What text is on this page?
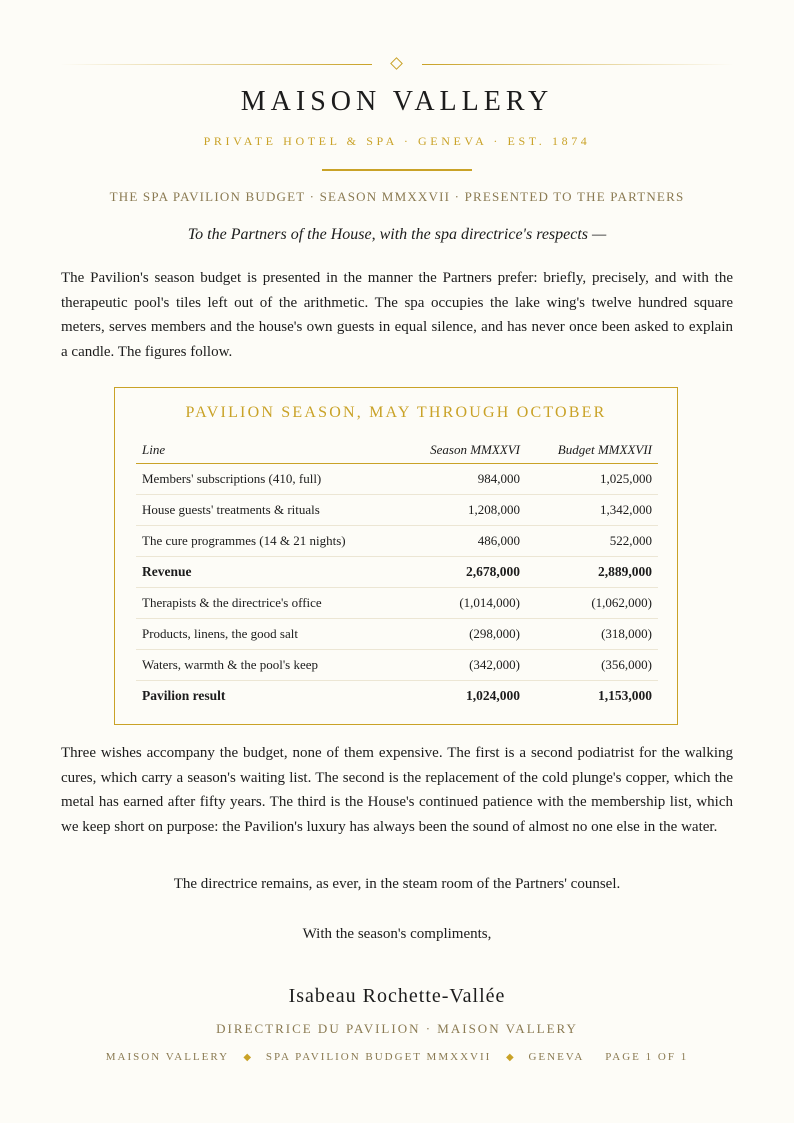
MAISON VALLERY
PRIVATE HOTEL & SPA · GENEVA · EST. 1874
THE SPA PAVILION BUDGET · SEASON MMXXVII · PRESENTED TO THE PARTNERS
To the Partners of the House, with the spa directrice's respects —
The Pavilion's season budget is presented in the manner the Partners prefer: briefly, precisely, and with the therapeutic pool's tiles left out of the arithmetic. The spa occupies the lake wing's twelve hundred square meters, serves members and the house's own guests in equal silence, and has never once been asked to explain a candle. The figures follow.
PAVILION SEASON, MAY THROUGH OCTOBER
Line	Season MMXXVI	Budget MMXXVII
Members' subscriptions (410, full)	984,000	1,025,000
House guests' treatments & rituals	1,208,000	1,342,000
The cure programmes (14 & 21 nights)	486,000	522,000
Revenue	2,678,000	2,889,000
Therapists & the directrice's office	(1,014,000)	(1,062,000)
Products, linens, the good salt	(298,000)	(318,000)
Waters, warmth & the pool's keep	(342,000)	(356,000)
Pavilion result	1,024,000	1,153,000
Three wishes accompany the budget, none of them expensive. The first is a second podiatrist for the walking cures, which carry a season's waiting list. The second is the replacement of the cold plunge's copper, which the metal has earned after fifty years. The third is the House's continued patience with the membership list, which we keep short on purpose: the Pavilion's luxury has always been the sound of almost no one else in the water.
The directrice remains, as ever, in the steam room of the Partners' counsel.
With the season's compliments,
Isabeau Rochette-Vallée
DIRECTRICE DU PAVILION · MAISON VALLERY
MAISON VALLERY ◆ SPA PAVILION BUDGET MMXXVII ◆ GENEVA PAGE 1 OF 1
